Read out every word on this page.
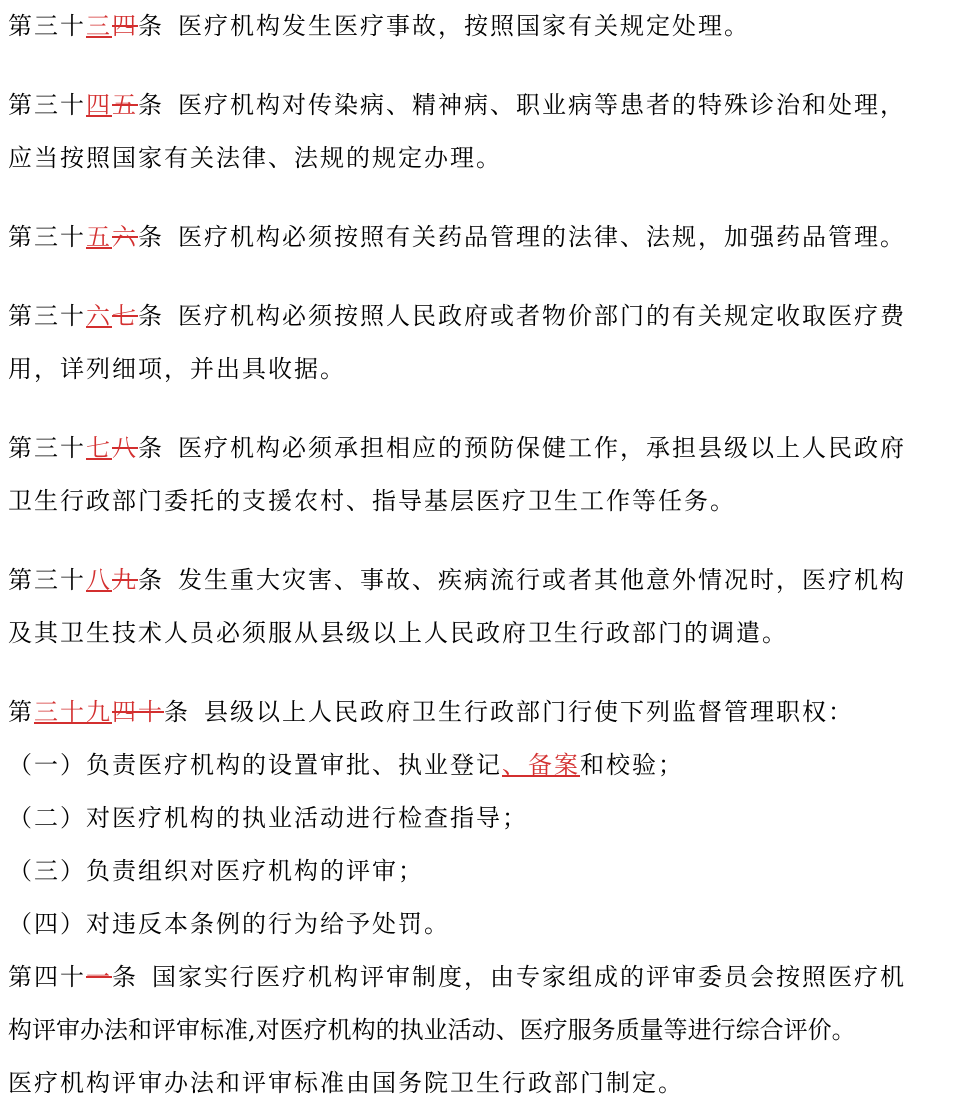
第三十三四条 医疗机构发生医疗事故，按照国家有关规定处理。
第三十四五条 医疗机构对传染病、精神病、职业病等患者的特殊诊治和处理，
应当按照国家有关法律、法规的规定办理。
第三十五六条 医疗机构必须按照有关药品管理的法律、法规，加强药品管理。
第三十六七条 医疗机构必须按照人民政府或者物价部门的有关规定收取医疗费
用，详列细项，并出具收据。
第三十七八条 医疗机构必须承担相应的预防保健工作，承担县级以上人民政府
卫生行政部门委托的支援农村、指导基层医疗卫生工作等任务。
第三十八九条 发生重大灾害、事故、疾病流行或者其他意外情况时，医疗机构
及其卫生技术人员必须服从县级以上人民政府卫生行政部门的调遣。
第三十九四十条 县级以上人民政府卫生行政部门行使下列监督管理职权：
（一）负责医疗机构的设置审批、执业登记、备案和校验；
（二）对医疗机构的执业活动进行检查指导；
（三）负责组织对医疗机构的评审；
（四）对违反本条例的行为给予处罚。
第四十一条 国家实行医疗机构评审制度，由专家组成的评审委员会按照医疗机
构评审办法和评审标准,对医疗机构的执业活动、医疗服务质量等进行综合评价。
医疗机构评审办法和评审标准由国务院卫生行政部门制定。
